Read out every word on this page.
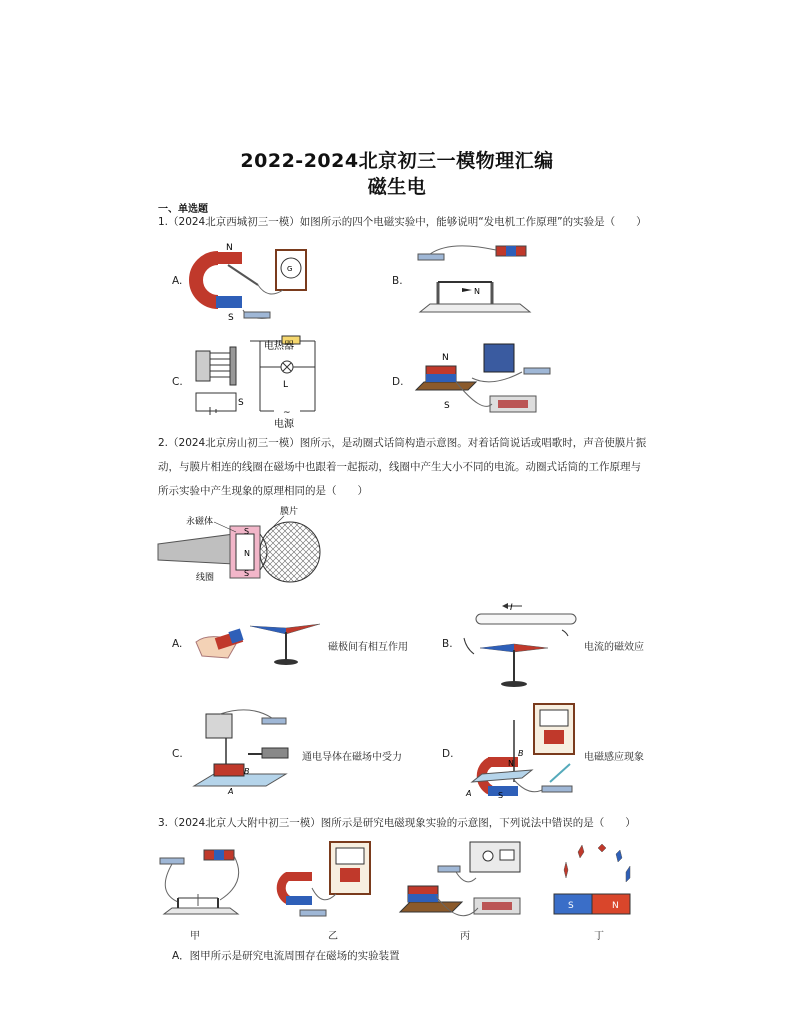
2022-2024北京初三一模物理汇编
磁生电
一、单选题
1.（2024北京西城初三一模）如图所示的四个电磁实验中，能够说明“发电机工作原理”的实验是（　　）
A.	B.
C.	D.
N
S
G
N
电热器
L
S
~
电源
N
S
2.（2024北京房山初三一模）图所示，是动圈式话筒构造示意图。对着话筒说话或唱歌时，声音使膜片振
动，与膜片相连的线圈在磁场中也跟着一起振动，线圈中产生大小不同的电流。动圈式话筒的工作原理与
所示实验中产生现象的原理相同的是（　　）
S
N
S
永磁体
膜片
线圈
A.	磁极间有相互作用	B.
I
电流的磁效应
C.
B
A
通电导体在磁场中受力	D.	B
A	S
N
电磁感应现象
3.（2024北京人大附中初三一模）图所示是研究电磁现象实验的示意图，下列说法中错误的是（　　）
S	N
甲	乙	丙	丁
A．图甲所示是研究电流周围存在磁场的实验装置
